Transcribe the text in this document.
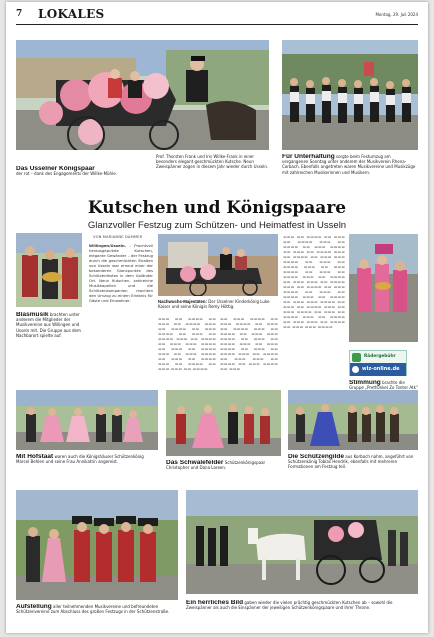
7 LOKALES	Montag, 29. Juli 2024
Prof. Thorsten Frank und Iris Willke-Frank in einer besonders elegant geschmückten Kutsche. Neun Zweispänner zogen in diesem Jahr wieder durch Usseln.
Das Usselner Königspaar
der rot – dank des Engagements der Willke-Mühle.
Für Unterhaltung sorgte beim Festumzug am vergangenen Sonntag unter anderem der Musikverein Rhena-Corbach. Ebenfalls angetreten waren Musikvereine und Musikzüge mit zahlreichen Musikerinnen und Musikern.
Kutschen und Königspaare
Glanzvoller Festzug zum Schützen- und Heimatfest in Usseln
Blasmusik brachten unter anderem die Mitglieder der Musikvereine aus Willingen und Usseln mit. Die Gruppe aus dem Nachbarort spielte auf.
VON MARIANNE DÄMMER
Willingen/Usseln. – Prachtvoll herausgeputzte Kutschen, elegante Gewänder – der Festzug durch die geschmückten Straßen von Usseln war erneut einer der besonderen Glanzpunkte des Schützenfestes in dem Upländer Ort. Neun Kutschen, zahlreiche Musikkapellen und die Schützenkompanien machten den Umzug zu einem Erlebnis für Gäste und Einwohner.	Nachwuchs-Majestäten: Der Usselner Kinderkönig Luke Kaiser und seine Königin Romy Höttig.
▬▬▬ ▬▬ ▬▬▬▬ ▬▬ ▬▬▬ ▬▬ ▬▬▬▬ ▬▬▬ ▬▬ ▬▬▬▬ ▬▬ ▬▬▬ ▬▬▬▬ ▬▬ ▬▬▬ ▬▬ ▬▬▬▬ ▬▬▬ ▬▬ ▬▬▬▬ ▬▬ ▬▬▬ ▬▬▬ ▬▬▬▬ ▬▬ ▬▬▬ ▬▬ ▬▬▬▬ ▬▬▬ ▬▬ ▬▬▬ ▬▬▬▬ ▬▬ ▬▬▬ ▬▬ ▬▬▬▬ ▬▬▬ ▬▬ ▬▬▬▬ ▬▬ ▬▬▬ ▬▬▬ ▬▬ ▬▬▬▬
▬▬ ▬▬▬ ▬▬▬▬ ▬▬ ▬▬▬ ▬▬▬▬ ▬▬ ▬▬▬ ▬▬ ▬▬▬▬ ▬▬▬ ▬▬ ▬▬▬▬ ▬▬ ▬▬▬ ▬▬▬ ▬▬▬▬ ▬▬ ▬▬▬ ▬▬ ▬▬▬▬ ▬▬▬ ▬▬ ▬▬▬ ▬▬▬▬ ▬▬ ▬▬▬ ▬▬ ▬▬▬▬ ▬▬▬ ▬▬ ▬▬▬▬ ▬▬ ▬▬▬ ▬▬▬ ▬▬ ▬▬▬▬ ▬▬ ▬▬▬ ▬▬▬▬ ▬▬ ▬▬▬
▬▬▬ ▬▬ ▬▬▬▬ ▬▬ ▬▬▬ ▬▬ ▬▬▬▬ ▬▬▬ ▬▬ ▬▬▬▬ ▬▬ ▬▬▬ ▬▬▬▬ ▬▬ ▬▬▬ ▬▬ ▬▬▬▬ ▬▬▬ ▬▬ ▬▬▬▬ ▬▬ ▬▬▬ ▬▬▬ ▬▬▬▬ ▬▬ ▬▬▬ ▬▬ ▬▬▬▬ ▬▬▬ ▬▬ ▬▬▬ ▬▬▬▬ ▬▬ ▬▬▬ ▬▬ ▬▬▬▬ ▬▬▬ ▬▬ ▬▬▬▬ ▬▬ ▬▬▬ ▬▬▬ ▬▬ ▬▬▬▬ ▬▬▬ ▬▬ ▬▬▬▬ ▬▬ ▬▬▬ ▬▬▬▬ ▬▬ ▬▬▬ ▬▬ ▬▬▬▬ ▬▬▬ ▬▬ ▬▬▬▬ ▬▬ ▬▬▬ ▬▬▬ ▬▬▬▬ ▬▬ ▬▬▬ ▬▬ ▬▬▬▬ ▬▬▬ ▬▬ ▬▬▬ ▬▬▬▬ ▬▬ ▬▬▬ ▬▬ ▬▬▬▬ ▬▬▬ ▬▬ ▬▬▬▬ ▬▬ ▬▬▬ ▬▬▬ ▬▬ ▬▬▬▬ ▬▬ ▬▬▬ ▬▬▬ ▬▬▬▬
Stimmung brachte die Gruppe „PrettOnkel Zo Tonter Atk“
Rädergebühr
wlz-online.de
Mit Hofstaat waren auch die Königshäuser Schützenkönig Marcel Behlen und seine Frau Annikatrin angereist.	Das Schwalefelder Schützenkönigspaar Christopher und Dana Loreen.
Die Schützengilde aus Korbach nahm, angeführt von Schützenkönig Tobias Hendrik, ebenfalls mit mehreren Formationen am Festzug teil.
Aufstellung aller teilnehmenden Musikvereine und befreundeten Schützenvereine zum Abschluss des großen Festzugs in der Schützenstraße.
Ein herrliches Bild gaben wieder die vielen prächtig geschmückten Kutschen ab – sowohl die Zweispänner als auch die Einspänner der jeweiligen Schützenkönigspaare und ihrer Throne.
